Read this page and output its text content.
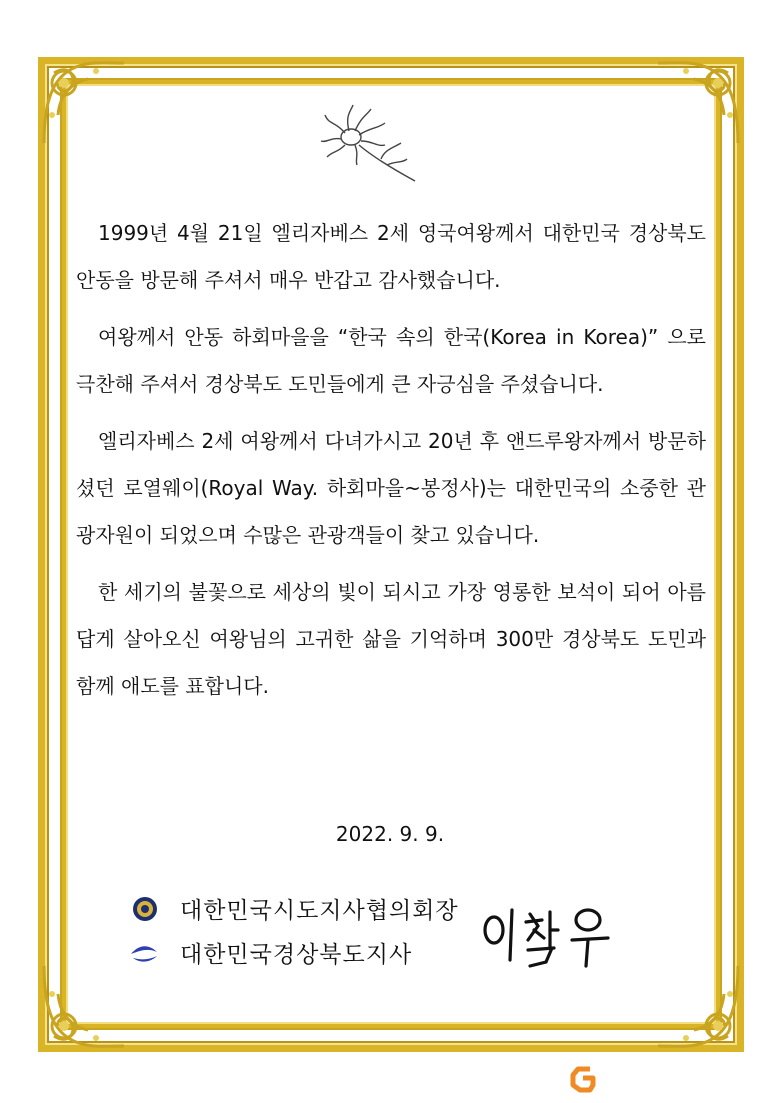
1999년 4월 21일 엘리자베스 2세 영국여왕께서 대한민국 경상북도 안동을 방문해 주셔서 매우 반갑고 감사했습니다.

여왕께서 안동 하회마을을 “한국 속의 한국(Korea in Korea)” 으로 극찬해 주셔서 경상북도 도민들에게 큰 자긍심을 주셨습니다.

엘리자베스 2세 여왕께서 다녀가시고 20년 후 앤드루왕자께서 방문하셨던 로열웨이(Royal Way. 하회마을~봉정사)는 대한민국의 소중한 관광자원이 되었으며 수많은 관광객들이 찾고 있습니다.

한 세기의 불꽃으로 세상의 빛이 되시고 가장 영롱한 보석이 되어 아름답게 살아오신 여왕님의 고귀한 삶을 기억하며 300만 경상북도 도민과 함께 애도를 표합니다.

2022. 9. 9.
대한민국시도지사협의회장
대한민국경상북도지사
